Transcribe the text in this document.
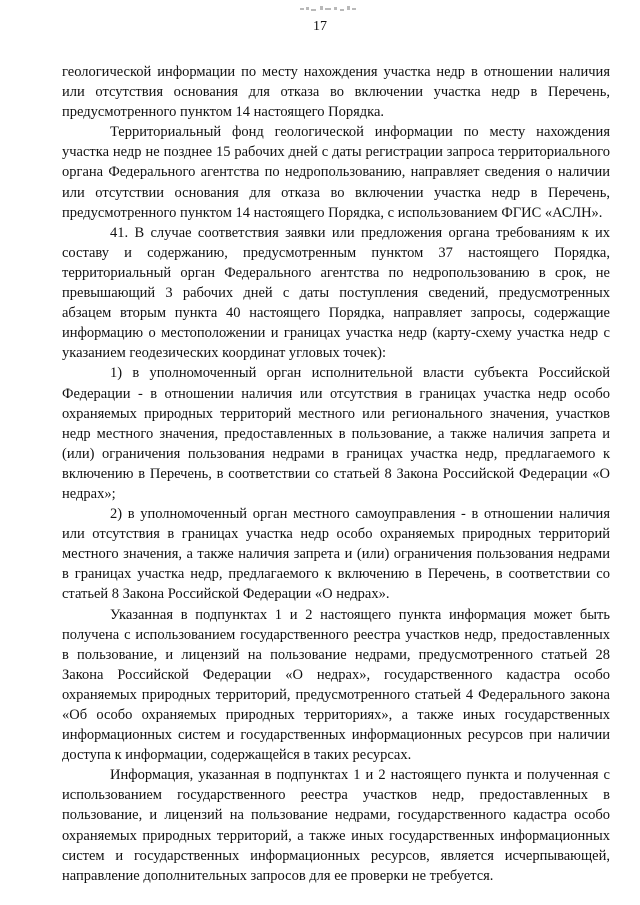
17

геологической информации по месту нахождения участка недр в отношении наличия или отсутствия основания для отказа во включении участка недр в Перечень, предусмотренного пунктом 14 настоящего Порядка.

Территориальный фонд геологической информации по месту нахождения участка недр не позднее 15 рабочих дней с даты регистрации запроса территориального органа Федерального агентства по недропользованию, направляет сведения о наличии или отсутствии основания для отказа во включении участка недр в Перечень, предусмотренного пунктом 14 настоящего Порядка, с использованием ФГИС «АСЛН».

41. В случае соответствия заявки или предложения органа требованиям к их составу и содержанию, предусмотренным пунктом 37 настоящего Порядка, территориальный орган Федерального агентства по недропользованию в срок, не превышающий 3 рабочих дней с даты поступления сведений, предусмотренных абзацем вторым пункта 40 настоящего Порядка, направляет запросы, содержащие информацию о местоположении и границах участка недр (карту-схему участка недр с указанием геодезических координат угловых точек):

1) в уполномоченный орган исполнительной власти субъекта Российской Федерации - в отношении наличия или отсутствия в границах участка недр особо охраняемых природных территорий местного или регионального значения, участков недр местного значения, предоставленных в пользование, а также наличия запрета и (или) ограничения пользования недрами в границах участка недр, предлагаемого к включению в Перечень, в соответствии со статьей 8 Закона Российской Федерации «О недрах»;

2) в уполномоченный орган местного самоуправления - в отношении наличия или отсутствия в границах участка недр особо охраняемых природных территорий местного значения, а также наличия запрета и (или) ограничения пользования недрами в границах участка недр, предлагаемого к включению в Перечень, в соответствии со статьей 8 Закона Российской Федерации «О недрах».

Указанная в подпунктах 1 и 2 настоящего пункта информация может быть получена с использованием государственного реестра участков недр, предоставленных в пользование, и лицензий на пользование недрами, предусмотренного статьей 28 Закона Российской Федерации «О недрах», государственного кадастра особо охраняемых природных территорий, предусмотренного статьей 4 Федерального закона «Об особо охраняемых природных территориях», а также иных государственных информационных систем и государственных информационных ресурсов при наличии доступа к информации, содержащейся в таких ресурсах.

Информация, указанная в подпунктах 1 и 2 настоящего пункта и полученная с использованием государственного реестра участков недр, предоставленных в пользование, и лицензий на пользование недрами, государственного кадастра особо охраняемых природных территорий, а также иных государственных информационных систем и государственных информационных ресурсов, является исчерпывающей, направление дополнительных запросов для ее проверки не требуется.
